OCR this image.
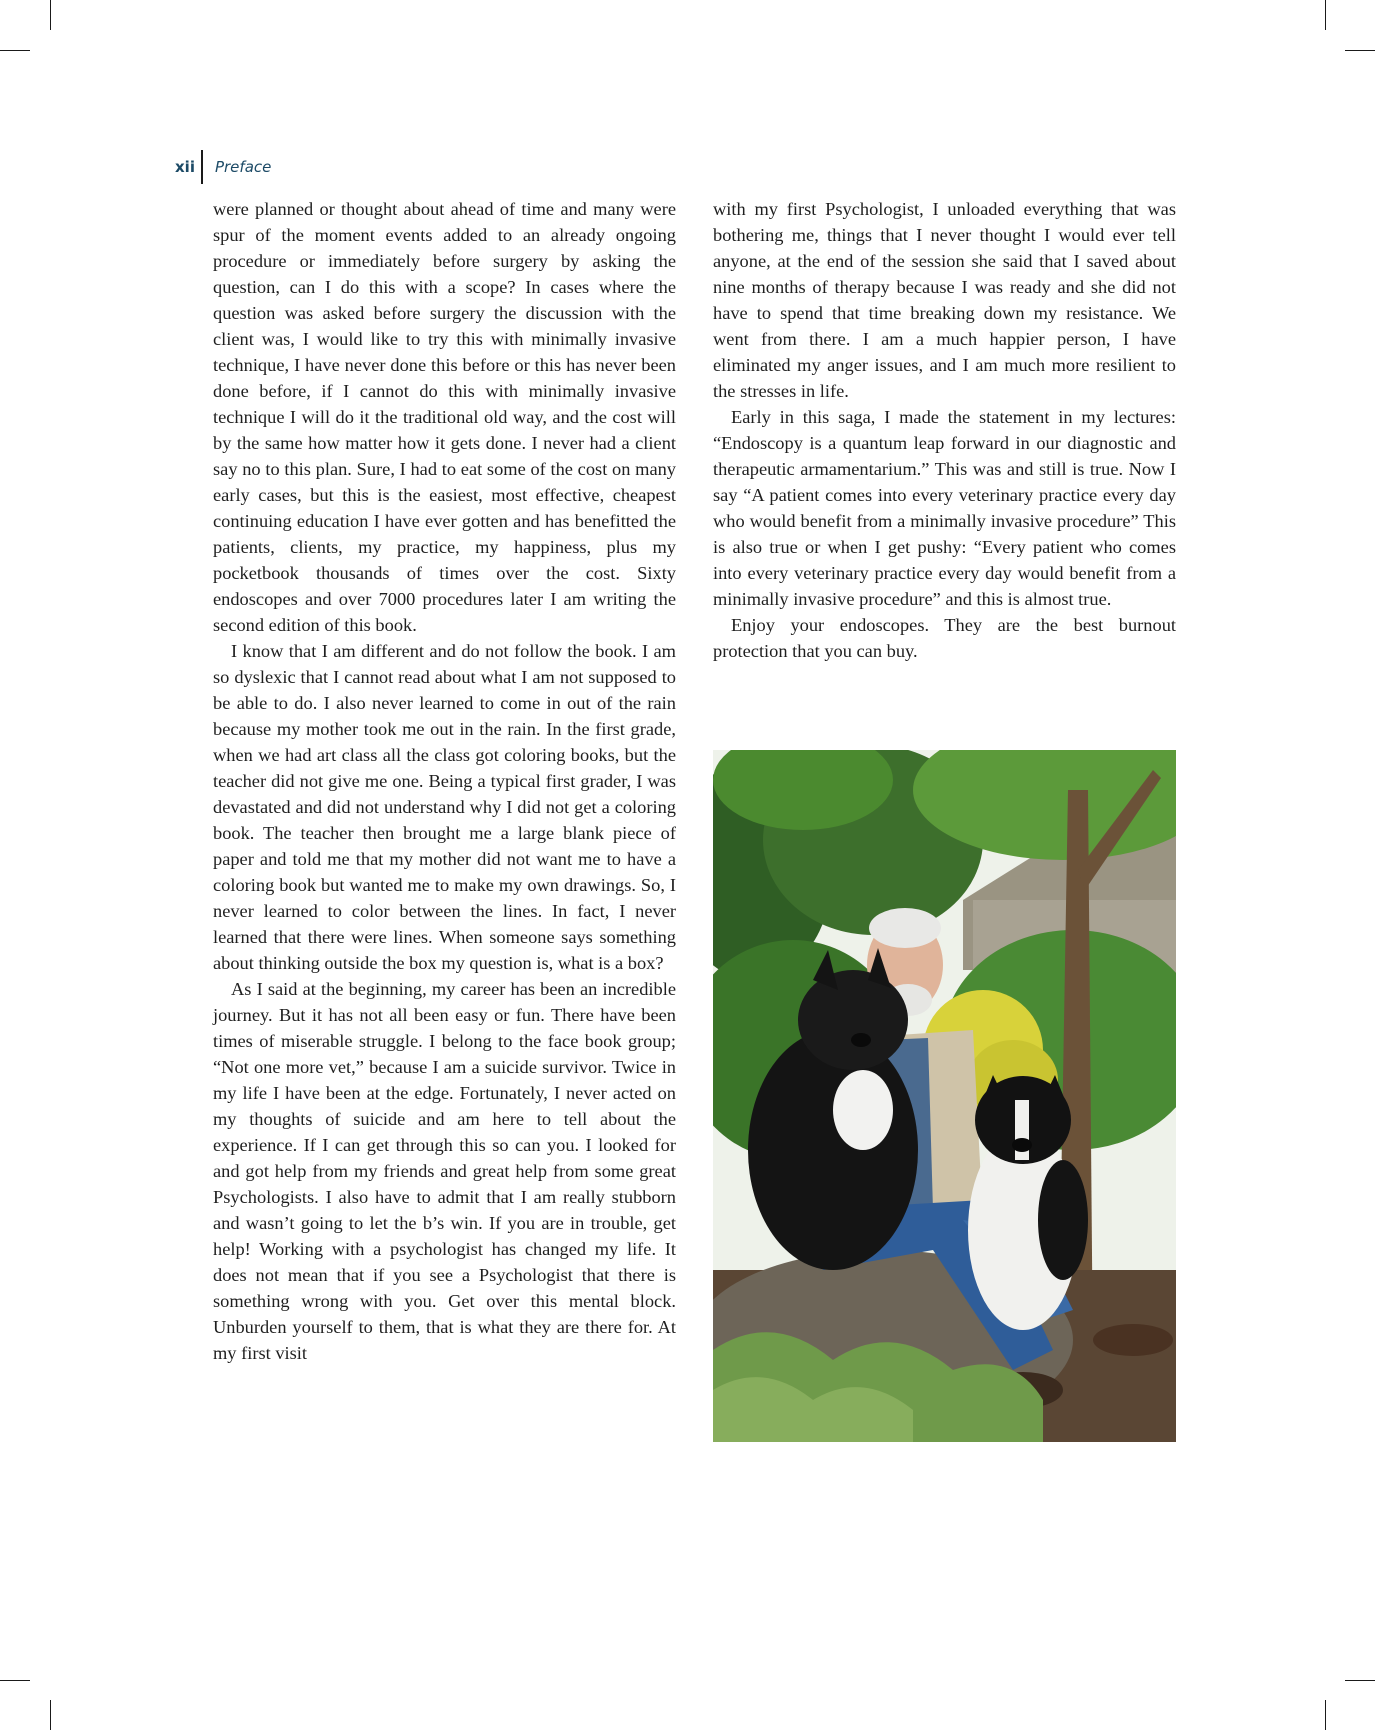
xii Preface

were planned or thought about ahead of time and many were spur of the moment events added to an already ongoing procedure or immediately before surgery by asking the question, can I do this with a scope? In cases where the question was asked before surgery the discussion with the client was, I would like to try this with minimally invasive technique, I have never done this before or this has never been done before, if I cannot do this with minimally invasive technique I will do it the traditional old way, and the cost will by the same how matter how it gets done. I never had a client say no to this plan. Sure, I had to eat some of the cost on many early cases, but this is the easiest, most effective, cheapest continuing education I have ever gotten and has benefitted the patients, clients, my practice, my happiness, plus my pocketbook thousands of times over the cost. Sixty endoscopes and over 7000 procedures later I am writing the second edition of this book.

I know that I am different and do not follow the book. I am so dyslexic that I cannot read about what I am not supposed to be able to do. I also never learned to come in out of the rain because my mother took me out in the rain. In the first grade, when we had art class all the class got coloring books, but the teacher did not give me one. Being a typical first grader, I was devastated and did not understand why I did not get a coloring book. The teacher then brought me a large blank piece of paper and told me that my mother did not want me to have a coloring book but wanted me to make my own drawings. So, I never learned to color between the lines. In fact, I never learned that there were lines. When someone says something about thinking outside the box my question is, what is a box?

As I said at the beginning, my career has been an incredible journey. But it has not all been easy or fun. There have been times of miserable struggle. I belong to the face book group; “Not one more vet,” because I am a suicide survivor. Twice in my life I have been at the edge. Fortunately, I never acted on my thoughts of suicide and am here to tell about the experience. If I can get through this so can you. I looked for and got help from my friends and great help from some great Psychologists. I also have to admit that I am really stubborn and wasn’t going to let the b’s win. If you are in trouble, get help! Working with a psychologist has changed my life. It does not mean that if you see a Psychologist that there is something wrong with you. Get over this mental block. Unburden yourself to them, that is what they are there for. At my first visit

with my first Psychologist, I unloaded everything that was bothering me, things that I never thought I would ever tell anyone, at the end of the session she said that I saved about nine months of therapy because I was ready and she did not have to spend that time breaking down my resistance. We went from there. I am a much happier person, I have eliminated my anger issues, and I am much more resilient to the stresses in life.

Early in this saga, I made the statement in my lectures: “Endoscopy is a quantum leap forward in our diagnostic and therapeutic armamentarium.” This was and still is true. Now I say “A patient comes into every veterinary practice every day who would benefit from a minimally invasive procedure” This is also true or when I get pushy: “Every patient who comes into every veterinary practice every day would benefit from a minimally invasive procedure” and this is almost true.

Enjoy your endoscopes. They are the best burnout protection that you can buy.
